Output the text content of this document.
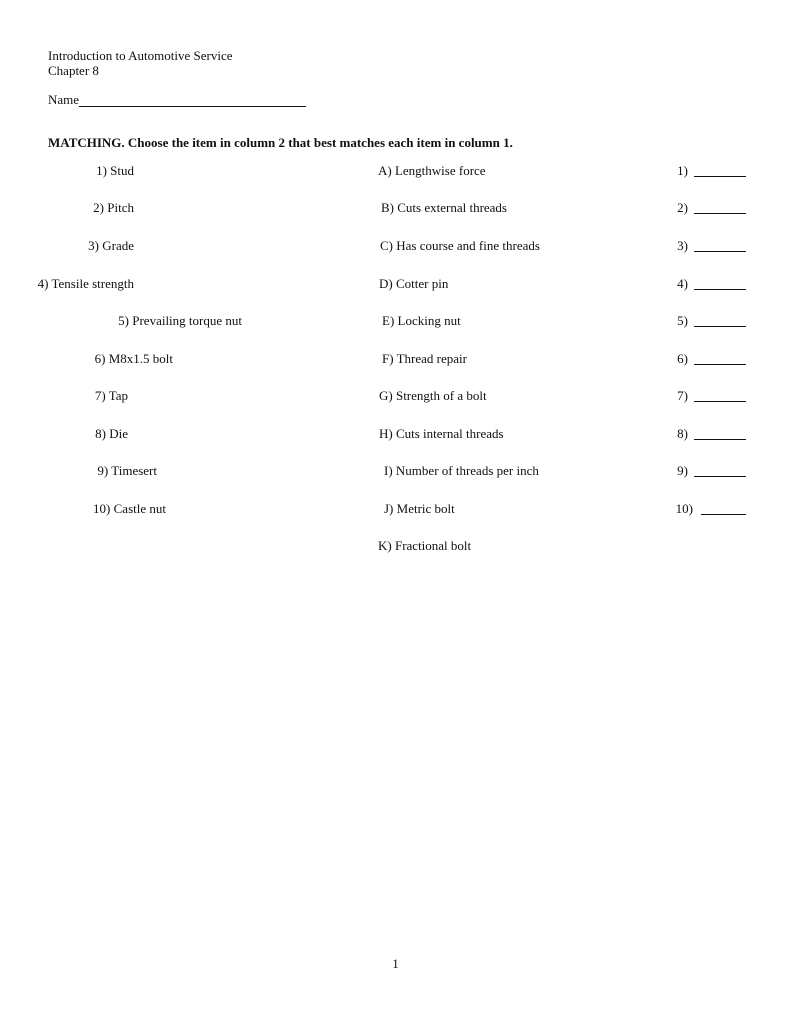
Introduction to Automotive Service
Chapter 8
Name
MATCHING. Choose the item in column 2 that best matches each item in column 1.
1) Stud	A) Lengthwise force	1)
2) Pitch	B) Cuts external threads	2)
3) Grade	C) Has course and fine threads	3)
4) Tensile strength	D) Cotter pin	4)
5) Prevailing torque nut	E) Locking nut	5)
6) M8x1.5 bolt	F) Thread repair	6)
7) Tap	G) Strength of a bolt	7)
8) Die	H) Cuts internal threads	8)
9) Timesert	I) Number of threads per inch	9)
10) Castle nut	J) Metric bolt	10)
K) Fractional bolt
1
